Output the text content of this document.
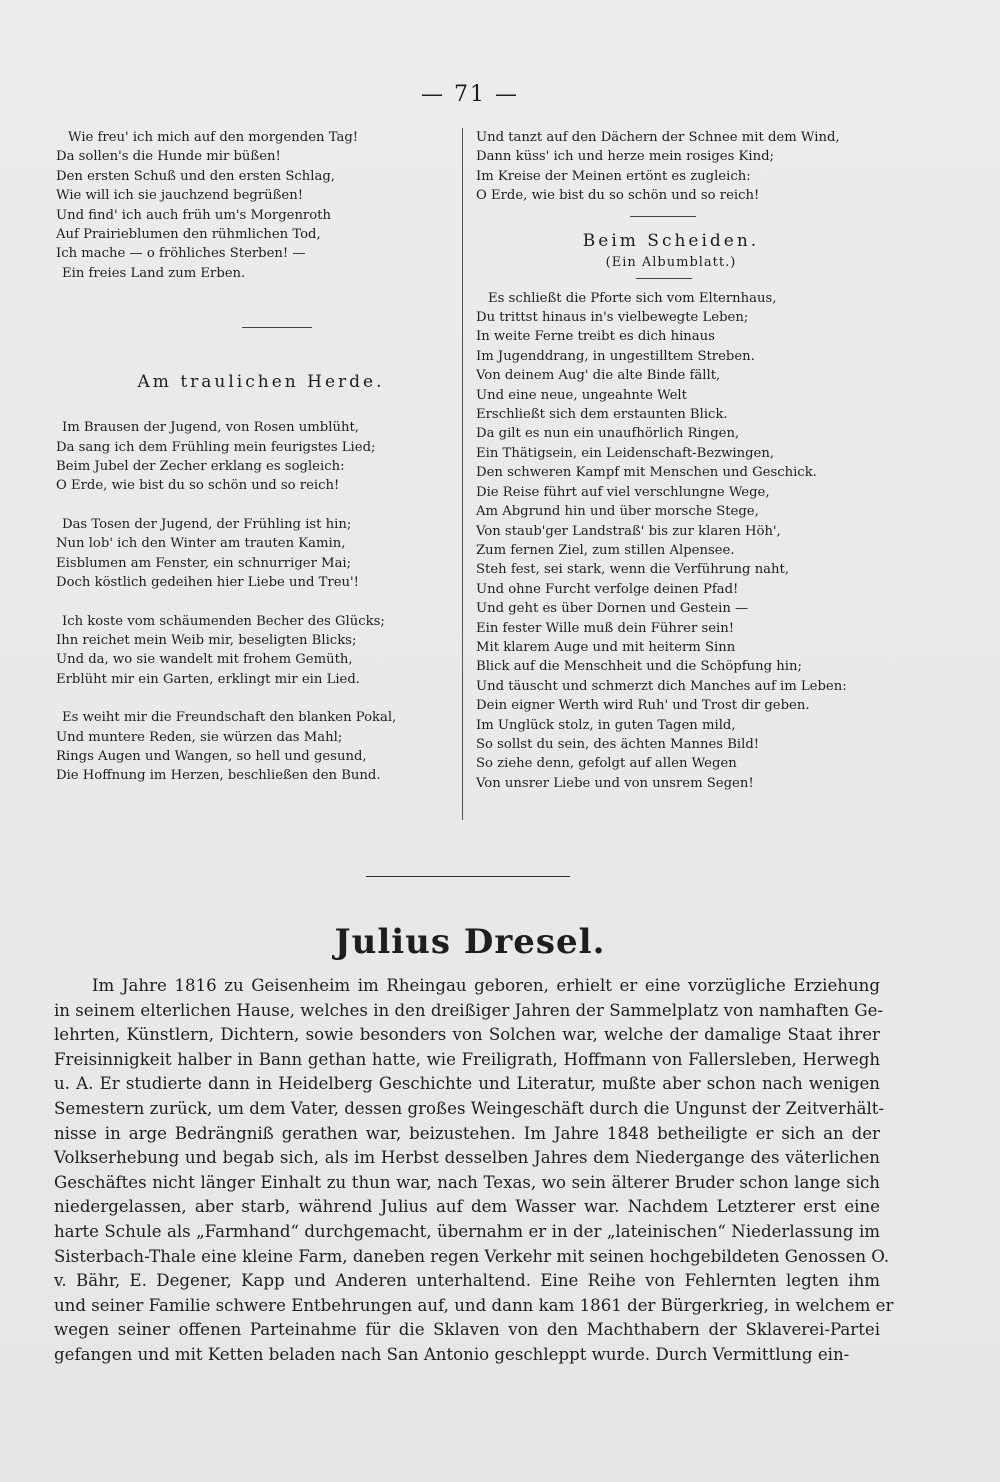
— 71 —
Wie freu' ich mich auf den morgenden Tag!
Da sollen's die Hunde mir büßen!
Den ersten Schuß und den ersten Schlag,
Wie will ich sie jauchzend begrüßen!
Und find' ich auch früh um's Morgenroth
Auf Prairieblumen den rühmlichen Tod,
Ich mache — o fröhliches Sterben! —
Ein freies Land zum Erben.
Am traulichen Herde.
Im Brausen der Jugend, von Rosen umblüht,
Da sang ich dem Frühling mein feurigstes Lied;
Beim Jubel der Zecher erklang es sogleich:
O Erde, wie bist du so schön und so reich!
Das Tosen der Jugend, der Frühling ist hin;
Nun lob' ich den Winter am trauten Kamin,
Eisblumen am Fenster, ein schnurriger Mai;
Doch köstlich gedeihen hier Liebe und Treu'!
Ich koste vom schäumenden Becher des Glücks;
Ihn reichet mein Weib mir, beseligten Blicks;
Und da, wo sie wandelt mit frohem Gemüth,
Erblüht mir ein Garten, erklingt mir ein Lied.
Es weiht mir die Freundschaft den blanken Pokal,
Und muntere Reden, sie würzen das Mahl;
Rings Augen und Wangen, so hell und gesund,
Die Hoffnung im Herzen, beschließen den Bund.
Und tanzt auf den Dächern der Schnee mit dem Wind,
Dann küss' ich und herze mein rosiges Kind;
Im Kreise der Meinen ertönt es zugleich:
O Erde, wie bist du so schön und so reich!
Beim Scheiden.
(Ein Albumblatt.)
Es schließt die Pforte sich vom Elternhaus,
Du trittst hinaus in's vielbewegte Leben;
In weite Ferne treibt es dich hinaus
Im Jugenddrang, in ungestilltem Streben.
Von deinem Aug' die alte Binde fällt,
Und eine neue, ungeahnte Welt
Erschließt sich dem erstaunten Blick.
Da gilt es nun ein unaufhörlich Ringen,
Ein Thätigsein, ein Leidenschaft-Bezwingen,
Den schweren Kampf mit Menschen und Geschick.
Die Reise führt auf viel verschlungne Wege,
Am Abgrund hin und über morsche Stege,
Von staub'ger Landstraß' bis zur klaren Höh',
Zum fernen Ziel, zum stillen Alpensee.
Steh fest, sei stark, wenn die Verführung naht,
Und ohne Furcht verfolge deinen Pfad!
Und geht es über Dornen und Gestein —
Ein fester Wille muß dein Führer sein!
Mit klarem Auge und mit heiterm Sinn
Blick auf die Menschheit und die Schöpfung hin;
Und täuscht und schmerzt dich Manches auf im Leben:
Dein eigner Werth wird Ruh' und Trost dir geben.
Im Unglück stolz, in guten Tagen mild,
So sollst du sein, des ächten Mannes Bild!
So ziehe denn, gefolgt auf allen Wegen
Von unsrer Liebe und von unsrem Segen!
Julius Dresel.
Im Jahre 1816 zu Geisenheim im Rheingau geboren, erhielt er eine vorzügliche Erziehung
in seinem elterlichen Hause, welches in den dreißiger Jahren der Sammelplatz von namhaften Ge-
lehrten, Künstlern, Dichtern, sowie besonders von Solchen war, welche der damalige Staat ihrer
Freisinnigkeit halber in Bann gethan hatte, wie Freiligrath, Hoffmann von Fallersleben, Herwegh
u. A. Er studierte dann in Heidelberg Geschichte und Literatur, mußte aber schon nach wenigen
Semestern zurück, um dem Vater, dessen großes Weingeschäft durch die Ungunst der Zeitverhält-
nisse in arge Bedrängniß gerathen war, beizustehen. Im Jahre 1848 betheiligte er sich an der
Volkserhebung und begab sich, als im Herbst desselben Jahres dem Niedergange des väterlichen
Geschäftes nicht länger Einhalt zu thun war, nach Texas, wo sein älterer Bruder schon lange sich
niedergelassen, aber starb, während Julius auf dem Wasser war. Nachdem Letzterer erst eine
harte Schule als „Farmhand“ durchgemacht, übernahm er in der „lateinischen“ Niederlassung im
Sisterbach-Thale eine kleine Farm, daneben regen Verkehr mit seinen hochgebildeten Genossen O.
v. Bähr, E. Degener, Kapp und Anderen unterhaltend. Eine Reihe von Fehlernten legten ihm
und seiner Familie schwere Entbehrungen auf, und dann kam 1861 der Bürgerkrieg, in welchem er
wegen seiner offenen Parteinahme für die Sklaven von den Machthabern der Sklaverei-Partei
gefangen und mit Ketten beladen nach San Antonio geschleppt wurde. Durch Vermittlung ein-
